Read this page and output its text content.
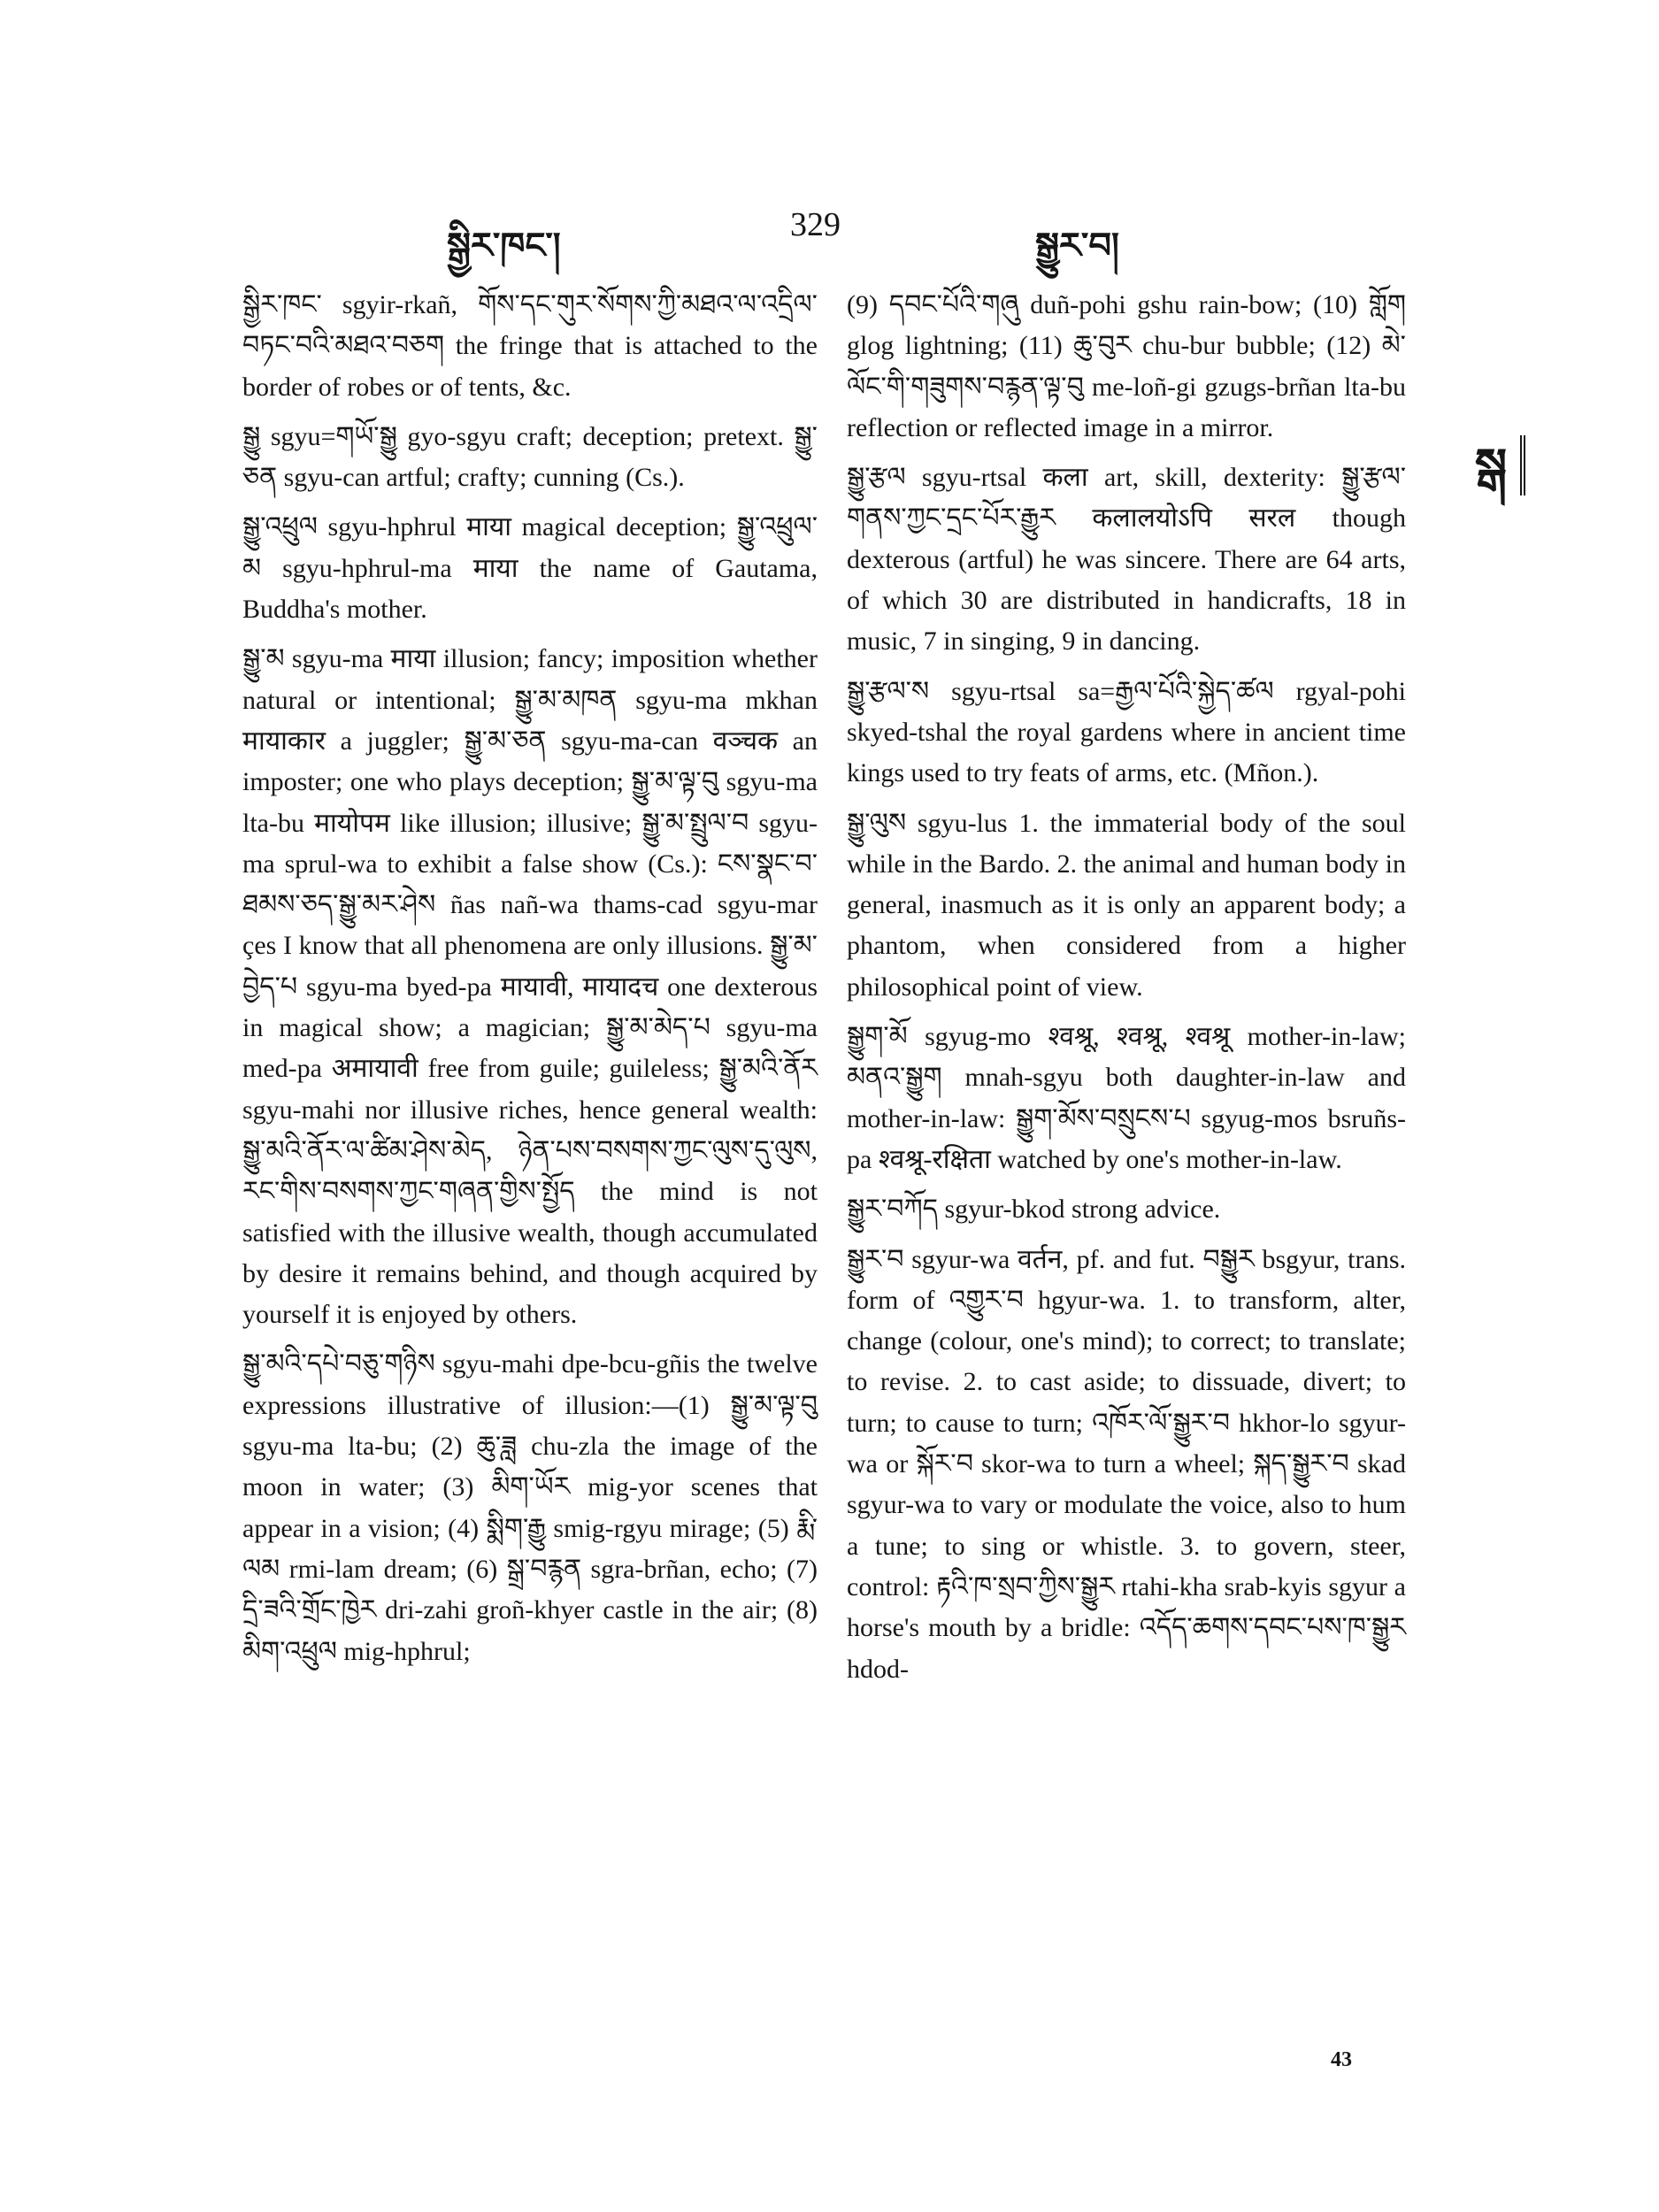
སྒྱིར་ཁང་།	329	སྒྱུར་བ།
སྒ

སྒྱིར་ཁང་ sgyir-rkañ, གོས་དང་གུར་སོགས་ཀྱི་མཐའ་ལ་འདྲིལ་བཏང་བའི་མཐའ་བཅག the fringe that is attached to the border of robes or of tents, &c.

སྒྱུ sgyu=གཡོ་སྒྱུ gyo-sgyu craft; deception; pretext. སྒྱུ་ཅན sgyu-can artful; crafty; cunning (Cs.).

སྒྱུ་འཕྲུལ sgyu-hphrul माया magical deception; སྒྱུ་འཕྲུལ་མ sgyu-hphrul-ma माया the name of Gautama, Buddha's mother.

སྒྱུ་མ sgyu-ma माया illusion; fancy; imposition whether natural or intentional; སྒྱུ་མ་མཁན sgyu-ma mkhan मायाकार a juggler; སྒྱུ་མ་ཅན sgyu-ma-can वञ्चक an imposter; one who plays deception; སྒྱུ་མ་ལྟ་བུ sgyu-ma lta-bu मायोपम like illusion; illusive; སྒྱུ་མ་སྤྲུལ་བ sgyu-ma sprul-wa to exhibit a false show (Cs.): ངས་སྣང་བ་ཐམས་ཅད་སྒྱུ་མར་ཤེས ñas nañ-wa thams-cad sgyu-mar çes I know that all phenomena are only illusions. སྒྱུ་མ་བྱེད་པ sgyu-ma byed-pa मायावी, मायादच one dexterous in magical show; a magician; སྒྱུ་མ་མེད་པ sgyu-ma med-pa अमायावी free from guile; guileless; སྒྱུ་མའི་ནོར sgyu-mahi nor illusive riches, hence general wealth: སྒྱུ་མའི་ནོར་ལ་ཚིམ་ཤེས་མེད, ཉེན་པས་བསགས་ཀྱང་ལུས་དུ་ལུས, རང་གིས་བསགས་ཀྱང་གཞན་གྱིས་སྤྱོད the mind is not satisfied with the illusive wealth, though accumulated by desire it remains behind, and though acquired by yourself it is enjoyed by others.

སྒྱུ་མའི་དཔེ་བཅུ་གཉིས sgyu-mahi dpe-bcu-gñis the twelve expressions illustrative of illusion:—(1) སྒྱུ་མ་ལྟ་བུ sgyu-ma lta-bu; (2) ཆུ་ཟླ chu-zla the image of the moon in water; (3) མིག་ཡོར mig-yor scenes that appear in a vision; (4) སྨིག་རྒྱུ smig-rgyu mirage; (5) རྨི་ལམ rmi-lam dream; (6) སྒྲ་བརྙན sgra-brñan, echo; (7) དྲི་ཟའི་གྲོང་ཁྱེར dri-zahi groñ-khyer castle in the air; (8) མིག་འཕྲུལ mig-hphrul;

(9) དབང་པོའི་གཞུ duñ-pohi gshu rain-bow; (10) གློག glog lightning; (11) ཆུ་བུར chu-bur bubble; (12) མེ་ལོང་གི་གཟུགས་བརྙན་ལྟ་བུ me-loñ-gi gzugs-brñan lta-bu reflection or reflected image in a mirror.

སྒྱུ་རྩལ sgyu-rtsal कला art, skill, dexterity: སྒྱུ་རྩལ་གནས་ཀྱང་དྲང་པོར་རྒྱུར कलालयोऽपि सरल though dexterous (artful) he was sincere. There are 64 arts, of which 30 are distributed in handicrafts, 18 in music, 7 in singing, 9 in dancing.

སྒྱུ་རྩལ་ས sgyu-rtsal sa=རྒྱལ་པོའི་སྐྱེད་ཚལ rgyal-pohi skyed-tshal the royal gardens where in ancient time kings used to try feats of arms, etc. (Mñon.).

སྒྱུ་ལུས sgyu-lus 1. the immaterial body of the soul while in the Bardo. 2. the animal and human body in general, inasmuch as it is only an apparent body; a phantom, when considered from a higher philosophical point of view.

སྒྱུག་མོ sgyug-mo श्वश्रू, श्वश्रू, श्वश्रू mother-in-law; མནའ་སྒྱུག mnah-sgyu both daughter-in-law and mother-in-law: སྒྱུག་མོས་བསྲུངས་པ sgyug-mos bsruñs-pa श्वश्रू-रक्षिता watched by one's mother-in-law.

སྒྱུར་བཀོད sgyur-bkod strong advice.

སྒྱུར་བ sgyur-wa वर्तन, pf. and fut. བསྒྱུར bsgyur, trans. form of འགྱུར་བ hgyur-wa. 1. to transform, alter, change (colour, one's mind); to correct; to translate; to revise. 2. to cast aside; to dissuade, divert; to turn; to cause to turn; འཁོར་ལོ་སྒྱུར་བ hkhor-lo sgyur-wa or སྐོར་བ skor-wa to turn a wheel; སྐད་སྒྱུར་བ skad sgyur-wa to vary or modulate the voice, also to hum a tune; to sing or whistle. 3. to govern, steer, control: རྟའི་ཁ་སྲབ་ཀྱིས་སྒྱུར rtahi-kha srab-kyis sgyur a horse's mouth by a bridle: འདོད་ཆགས་དབང་པས་ཁ་སྒྱུར hdod-

43
